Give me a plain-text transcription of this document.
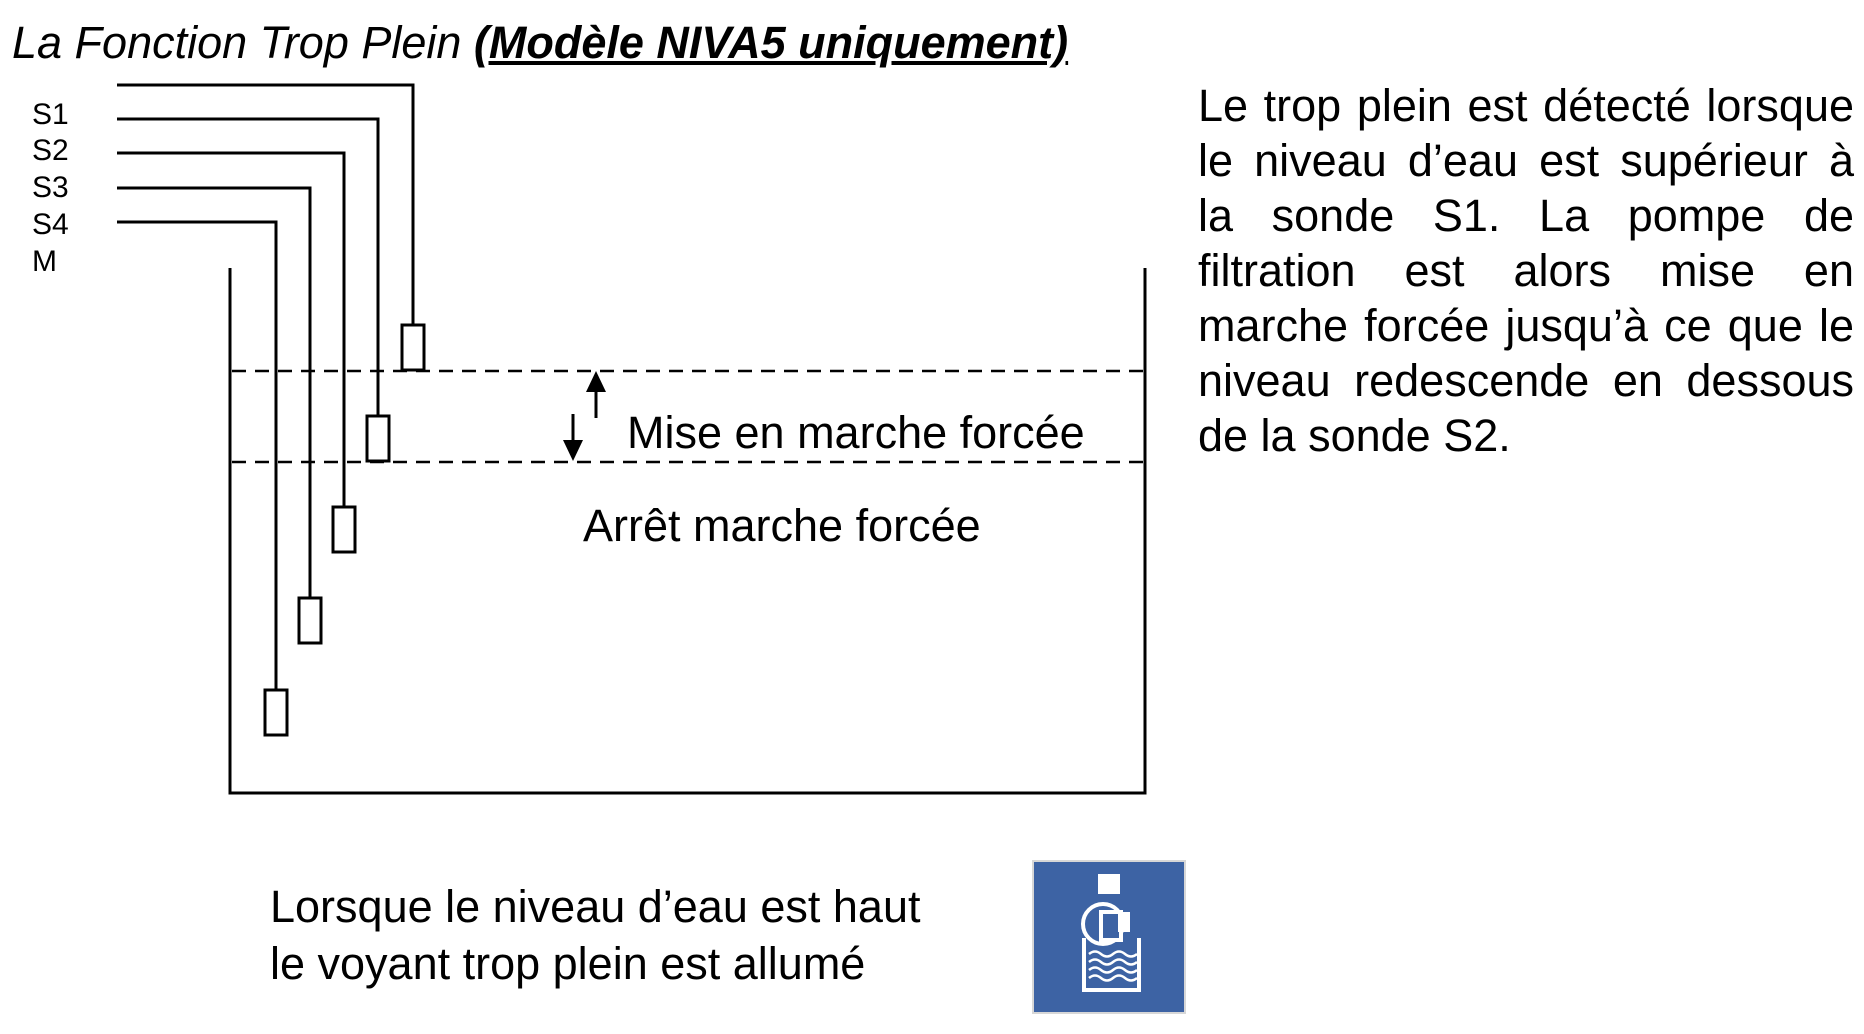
La Fonction Trop Plein (Modèle NIVA5 uniquement)
S1
S2
S3
S4
M
Mise en marche forcée
Arrêt marche forcée
Le trop plein est détecté lorsque le niveau d’eau est supérieur à la sonde S1. La pompe de filtration est alors mise en marche forcée jusqu’à ce que le niveau redescende en dessous de la sonde S2.
Lorsque le niveau d’eau est haut
le voyant trop plein est allumé
